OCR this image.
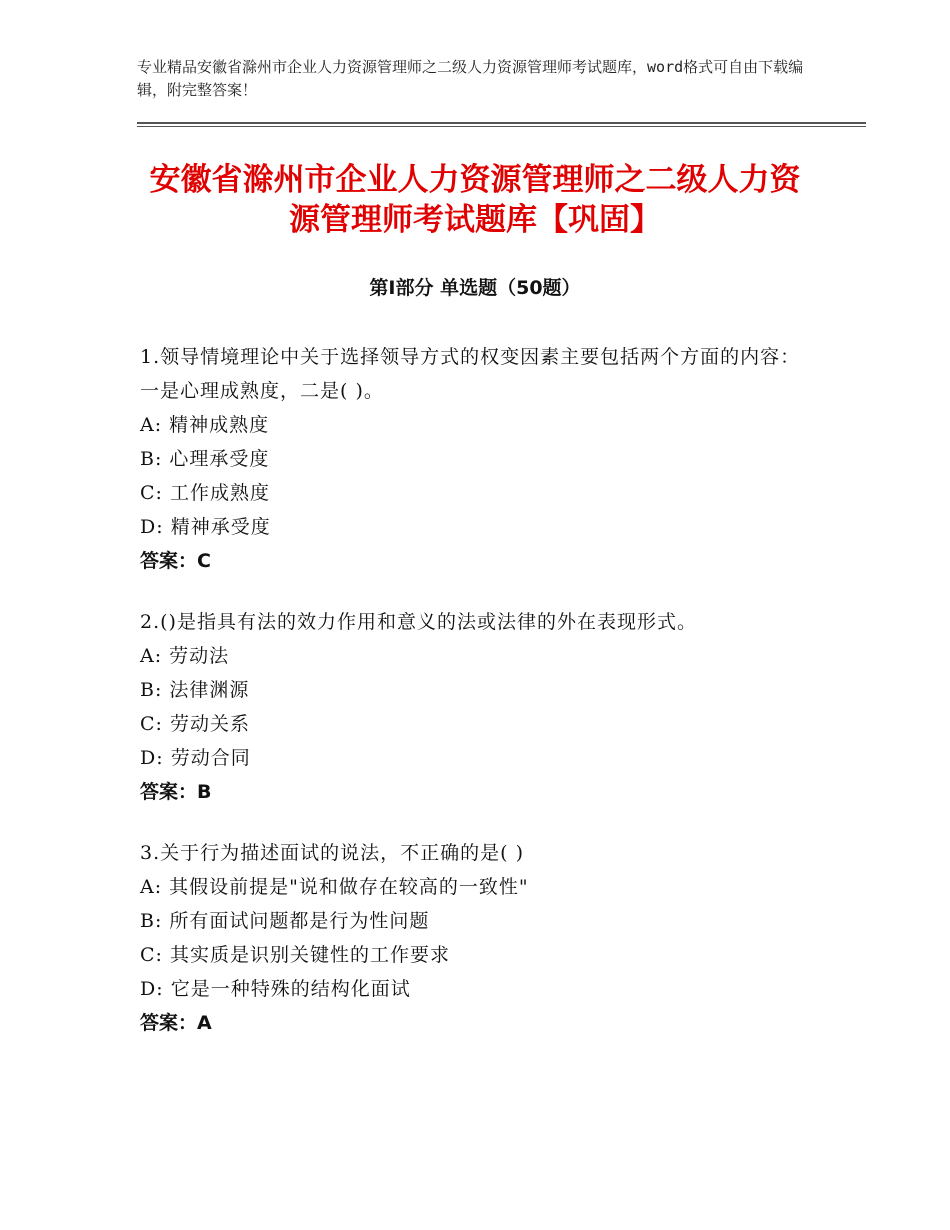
专业精品安徽省滁州市企业人力资源管理师之二级人力资源管理师考试题库，word格式可自由下载编辑，附完整答案！
安徽省滁州市企业人力资源管理师之二级人力资源管理师考试题库【巩固】
第Ⅰ部分 单选题（50题）

1.领导情境理论中关于选择领导方式的权变因素主要包括两个方面的内容：一是心理成熟度，二是( )。

A: 精神成熟度

B: 心理承受度

C: 工作成熟度

D: 精神承受度

答案：C

2.()是指具有法的效力作用和意义的法或法律的外在表现形式。

A: 劳动法

B: 法律渊源

C: 劳动关系

D: 劳动合同

答案：B

3.关于行为描述面试的说法，不正确的是( )

A: 其假设前提是"说和做存在较高的一致性"

B: 所有面试问题都是行为性问题

C: 其实质是识别关键性的工作要求

D: 它是一种特殊的结构化面试

答案：A
